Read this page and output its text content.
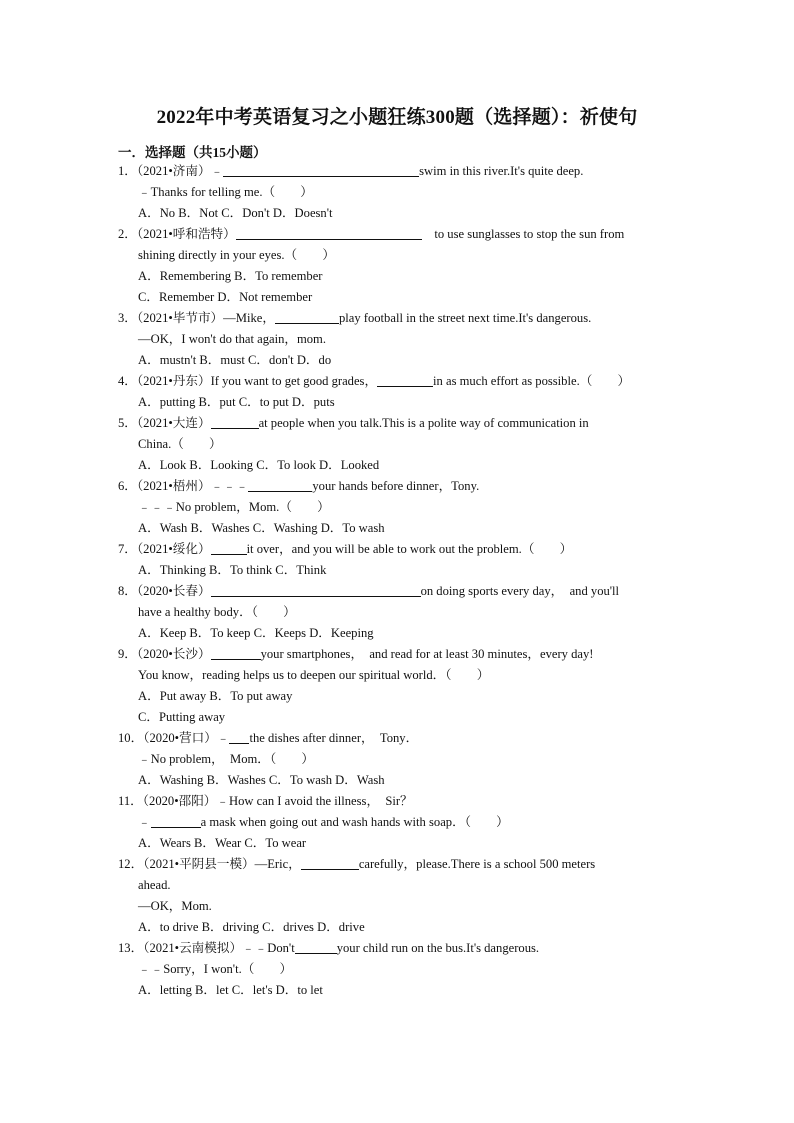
2022年中考英语复习之小题狂练300题（选择题）：祈使句
一．选择题（共15小题）
1．（2021•济南）﹣	swim in this river.It's quite deep.
﹣Thanks for telling me.（　　）
A．No B．Not C．Don't D．Doesn't
2．（2021•呼和浩特）	　to use sunglasses to stop the sun from
shining directly in your eyes.（　　）
A．Remembering B．To remember
C．Remember D．Not remember
3．（2021•毕节市）—Mike，	play football in the street next time.It's dangerous.
—OK，I won't do that again，mom.
A．mustn't B．must C．don't D．do
4．（2021•丹东）If you want to get good grades，	in as much effort as possible.（　　）
A．putting B．put C．to put D．puts
5．（2021•大连）	at people when you talk.This is a polite way of communication in
China.（　　）
A．Look B．Looking C．To look D．Looked
6．（2021•梧州）﹣﹣﹣	your hands before dinner，Tony.
﹣﹣﹣No problem，Mom.（　　）
A．Wash B．Washes C．Washing D．To wash
7．（2021•绥化）	it over，and you will be able to work out the problem.（　　）
A．Thinking B．To think C．Think
8．（2020•长春）	on doing sports every day，　and you'll
have a healthy body．（　　）
A．Keep B．To keep C．Keeps D．Keeping
9．（2020•长沙）	your smartphones，　and read for at least 30 minutes，every day!
You know，reading helps us to deepen our spiritual world．（　　）
A．Put away B．To put away
C．Putting away
10．（2020•营口）﹣ the dishes after dinner，　Tony．
﹣No problem，　Mom．（　　）
A．Washing B．Washes C．To wash D．Wash
11．（2020•邵阳）﹣How can I avoid the illness，　Sir？
﹣	a mask when going out and wash hands with soap．（　　）
A．Wears B．Wear C．To wear
12．（2021•平阴县一模）—Eric，	carefully，please.There is a school 500 meters
ahead.
—OK，Mom.
A．to drive B．driving C．drives D．drive
13．（2021•云南模拟）﹣﹣Don't	your child run on the bus.It's dangerous.
﹣﹣Sorry，I won't.（　　）
A．letting B．let C．let's D．to let
